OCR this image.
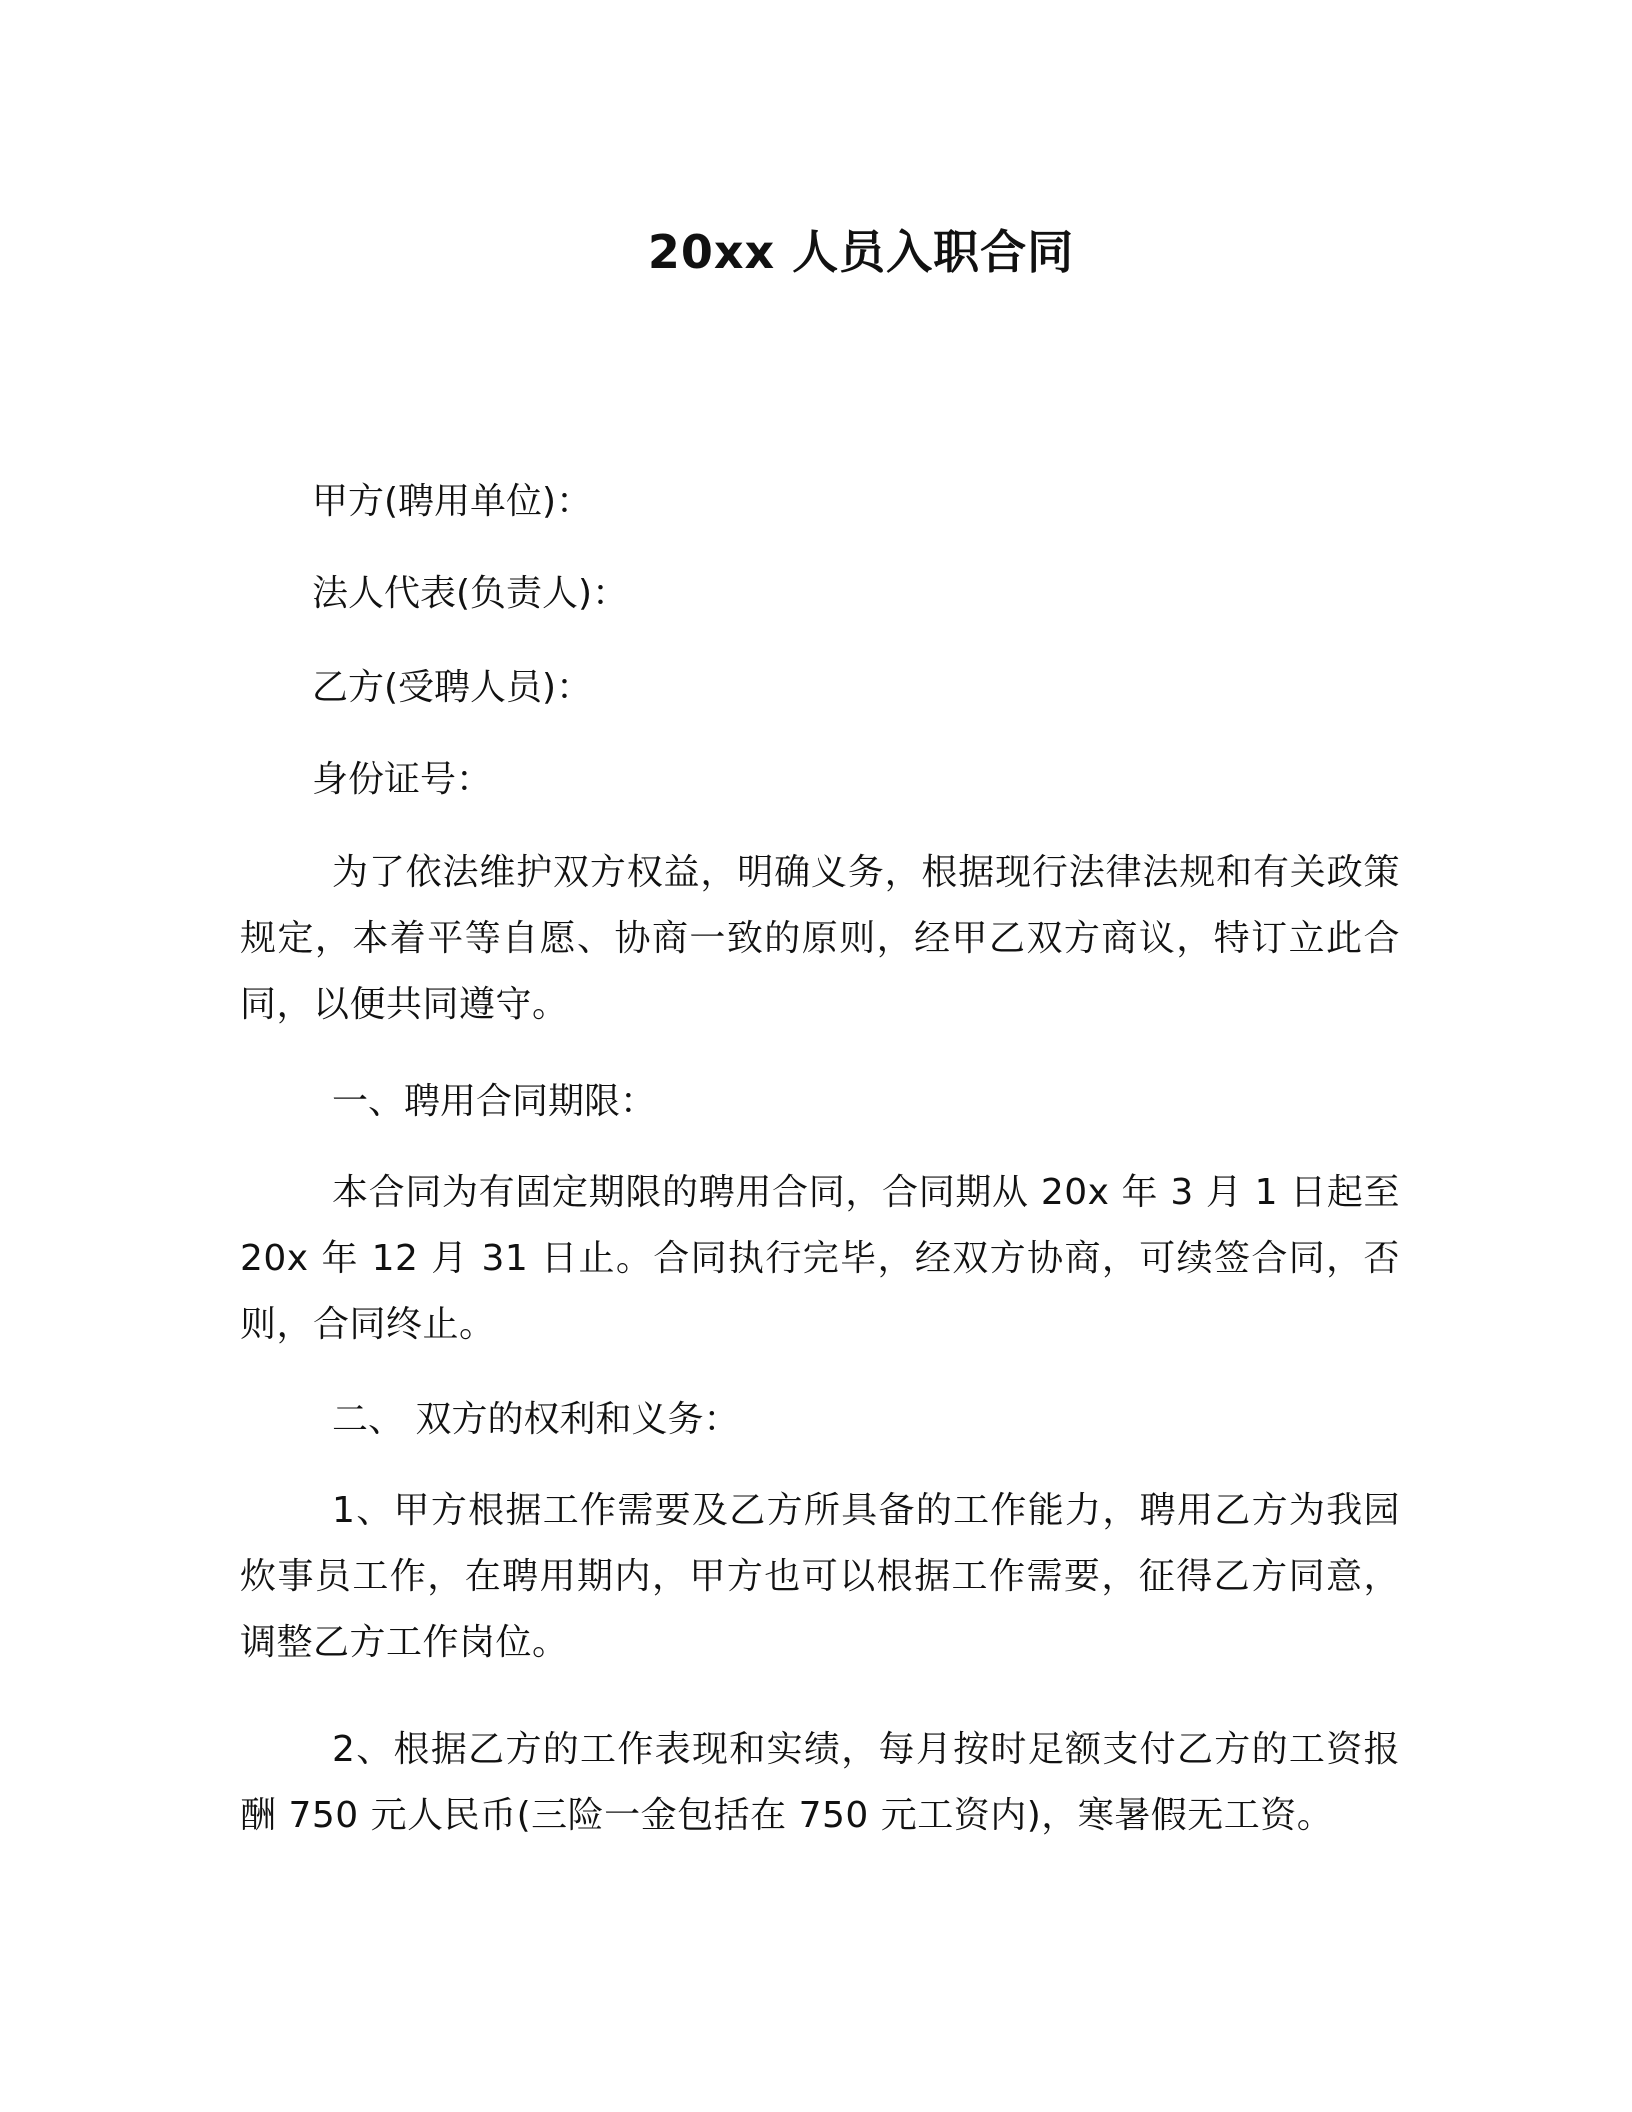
20xx 人员入职合同
甲方(聘用单位)：
法人代表(负责人)：
乙方(受聘人员)：
身份证号：
为了依法维护双方权益，明确义务，根据现行法律法规和有关政策规定，本着平等自愿、协商一致的原则，经甲乙双方商议，特订立此合同，以便共同遵守。
一、聘用合同期限：
本合同为有固定期限的聘用合同，合同期从 20x 年 3 月 1 日起至 20x 年 12 月 31 日止。合同执行完毕，经双方协商，可续签合同，否则，合同终止。
二、 双方的权利和义务：
1、甲方根据工作需要及乙方所具备的工作能力，聘用乙方为我园炊事员工作，在聘用期内，甲方也可以根据工作需要，征得乙方同意，调整乙方工作岗位。
2、根据乙方的工作表现和实绩，每月按时足额支付乙方的工资报酬 750 元人民币(三险一金包括在 750 元工资内)，寒暑假无工资。
